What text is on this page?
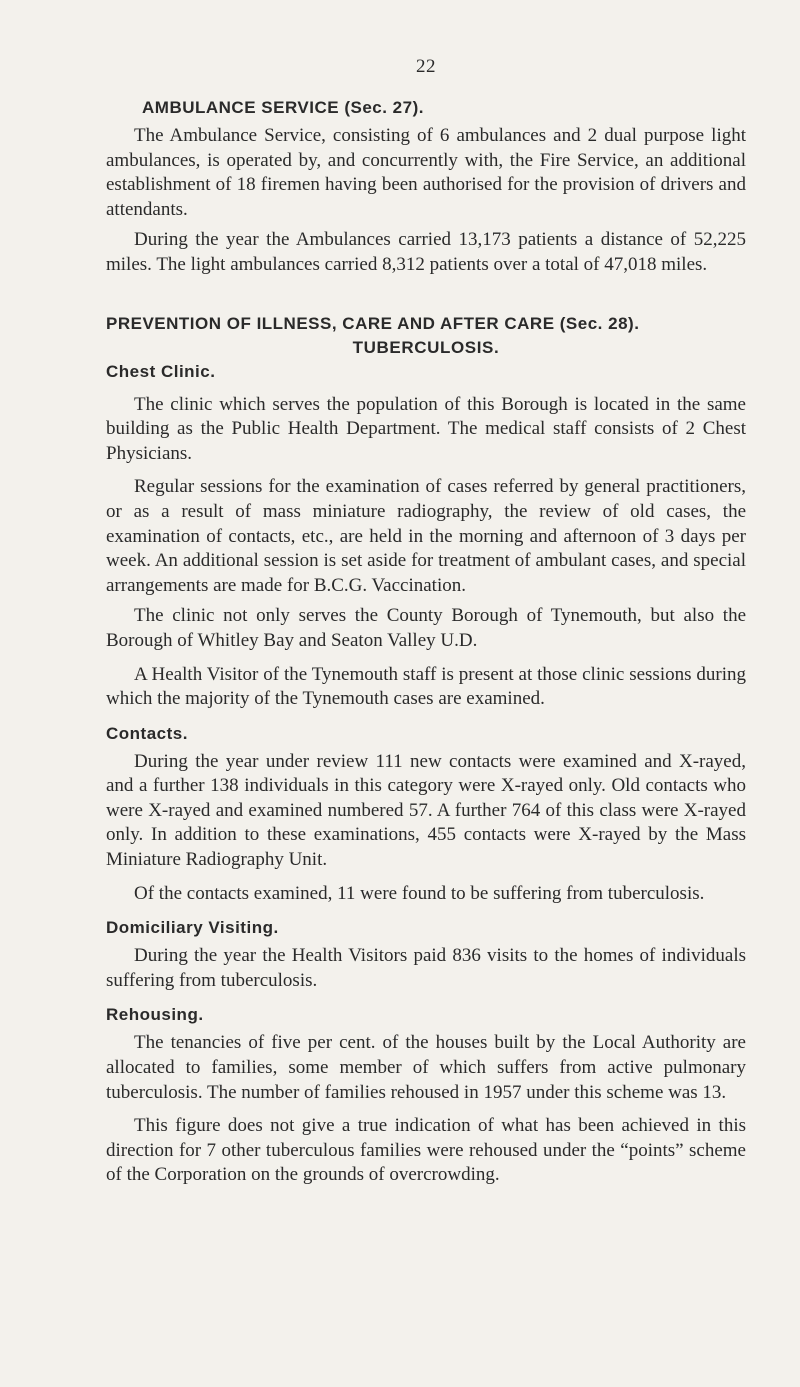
22
AMBULANCE SERVICE (Sec. 27).

The Ambulance Service, consisting of 6 ambulances and 2 dual purpose light ambulances, is operated by, and concurrently with, the Fire Service, an additional establishment of 18 firemen having been authorised for the provision of drivers and attendants.

During the year the Ambulances carried 13,173 patients a distance of 52,225 miles. The light ambulances carried 8,312 patients over a total of 47,018 miles.

PREVENTION OF ILLNESS, CARE AND AFTER CARE (Sec. 28).
TUBERCULOSIS.
Chest Clinic.

The clinic which serves the population of this Borough is located in the same building as the Public Health Department. The medical staff consists of 2 Chest Physicians.

Regular sessions for the examination of cases referred by general practitioners, or as a result of mass miniature radiography, the review of old cases, the examination of contacts, etc., are held in the morning and afternoon of 3 days per week. An additional session is set aside for treatment of ambulant cases, and special arrangements are made for B.C.G. Vaccination.

The clinic not only serves the County Borough of Tynemouth, but also the Borough of Whitley Bay and Seaton Valley U.D.

A Health Visitor of the Tynemouth staff is present at those clinic sessions during which the majority of the Tynemouth cases are examined.

Contacts.

During the year under review 111 new contacts were examined and X-rayed, and a further 138 individuals in this category were X-rayed only. Old contacts who were X-rayed and examined numbered 57. A further 764 of this class were X-rayed only. In addition to these examinations, 455 contacts were X-rayed by the Mass Miniature Radiography Unit.

Of the contacts examined, 11 were found to be suffering from tuberculosis.

Domiciliary Visiting.

During the year the Health Visitors paid 836 visits to the homes of individuals suffering from tuberculosis.

Rehousing.

The tenancies of five per cent. of the houses built by the Local Authority are allocated to families, some member of which suffers from active pulmonary tuberculosis. The number of families rehoused in 1957 under this scheme was 13.

This figure does not give a true indication of what has been achieved in this direction for 7 other tuberculous families were rehoused under the “points” scheme of the Corporation on the grounds of overcrowding.
